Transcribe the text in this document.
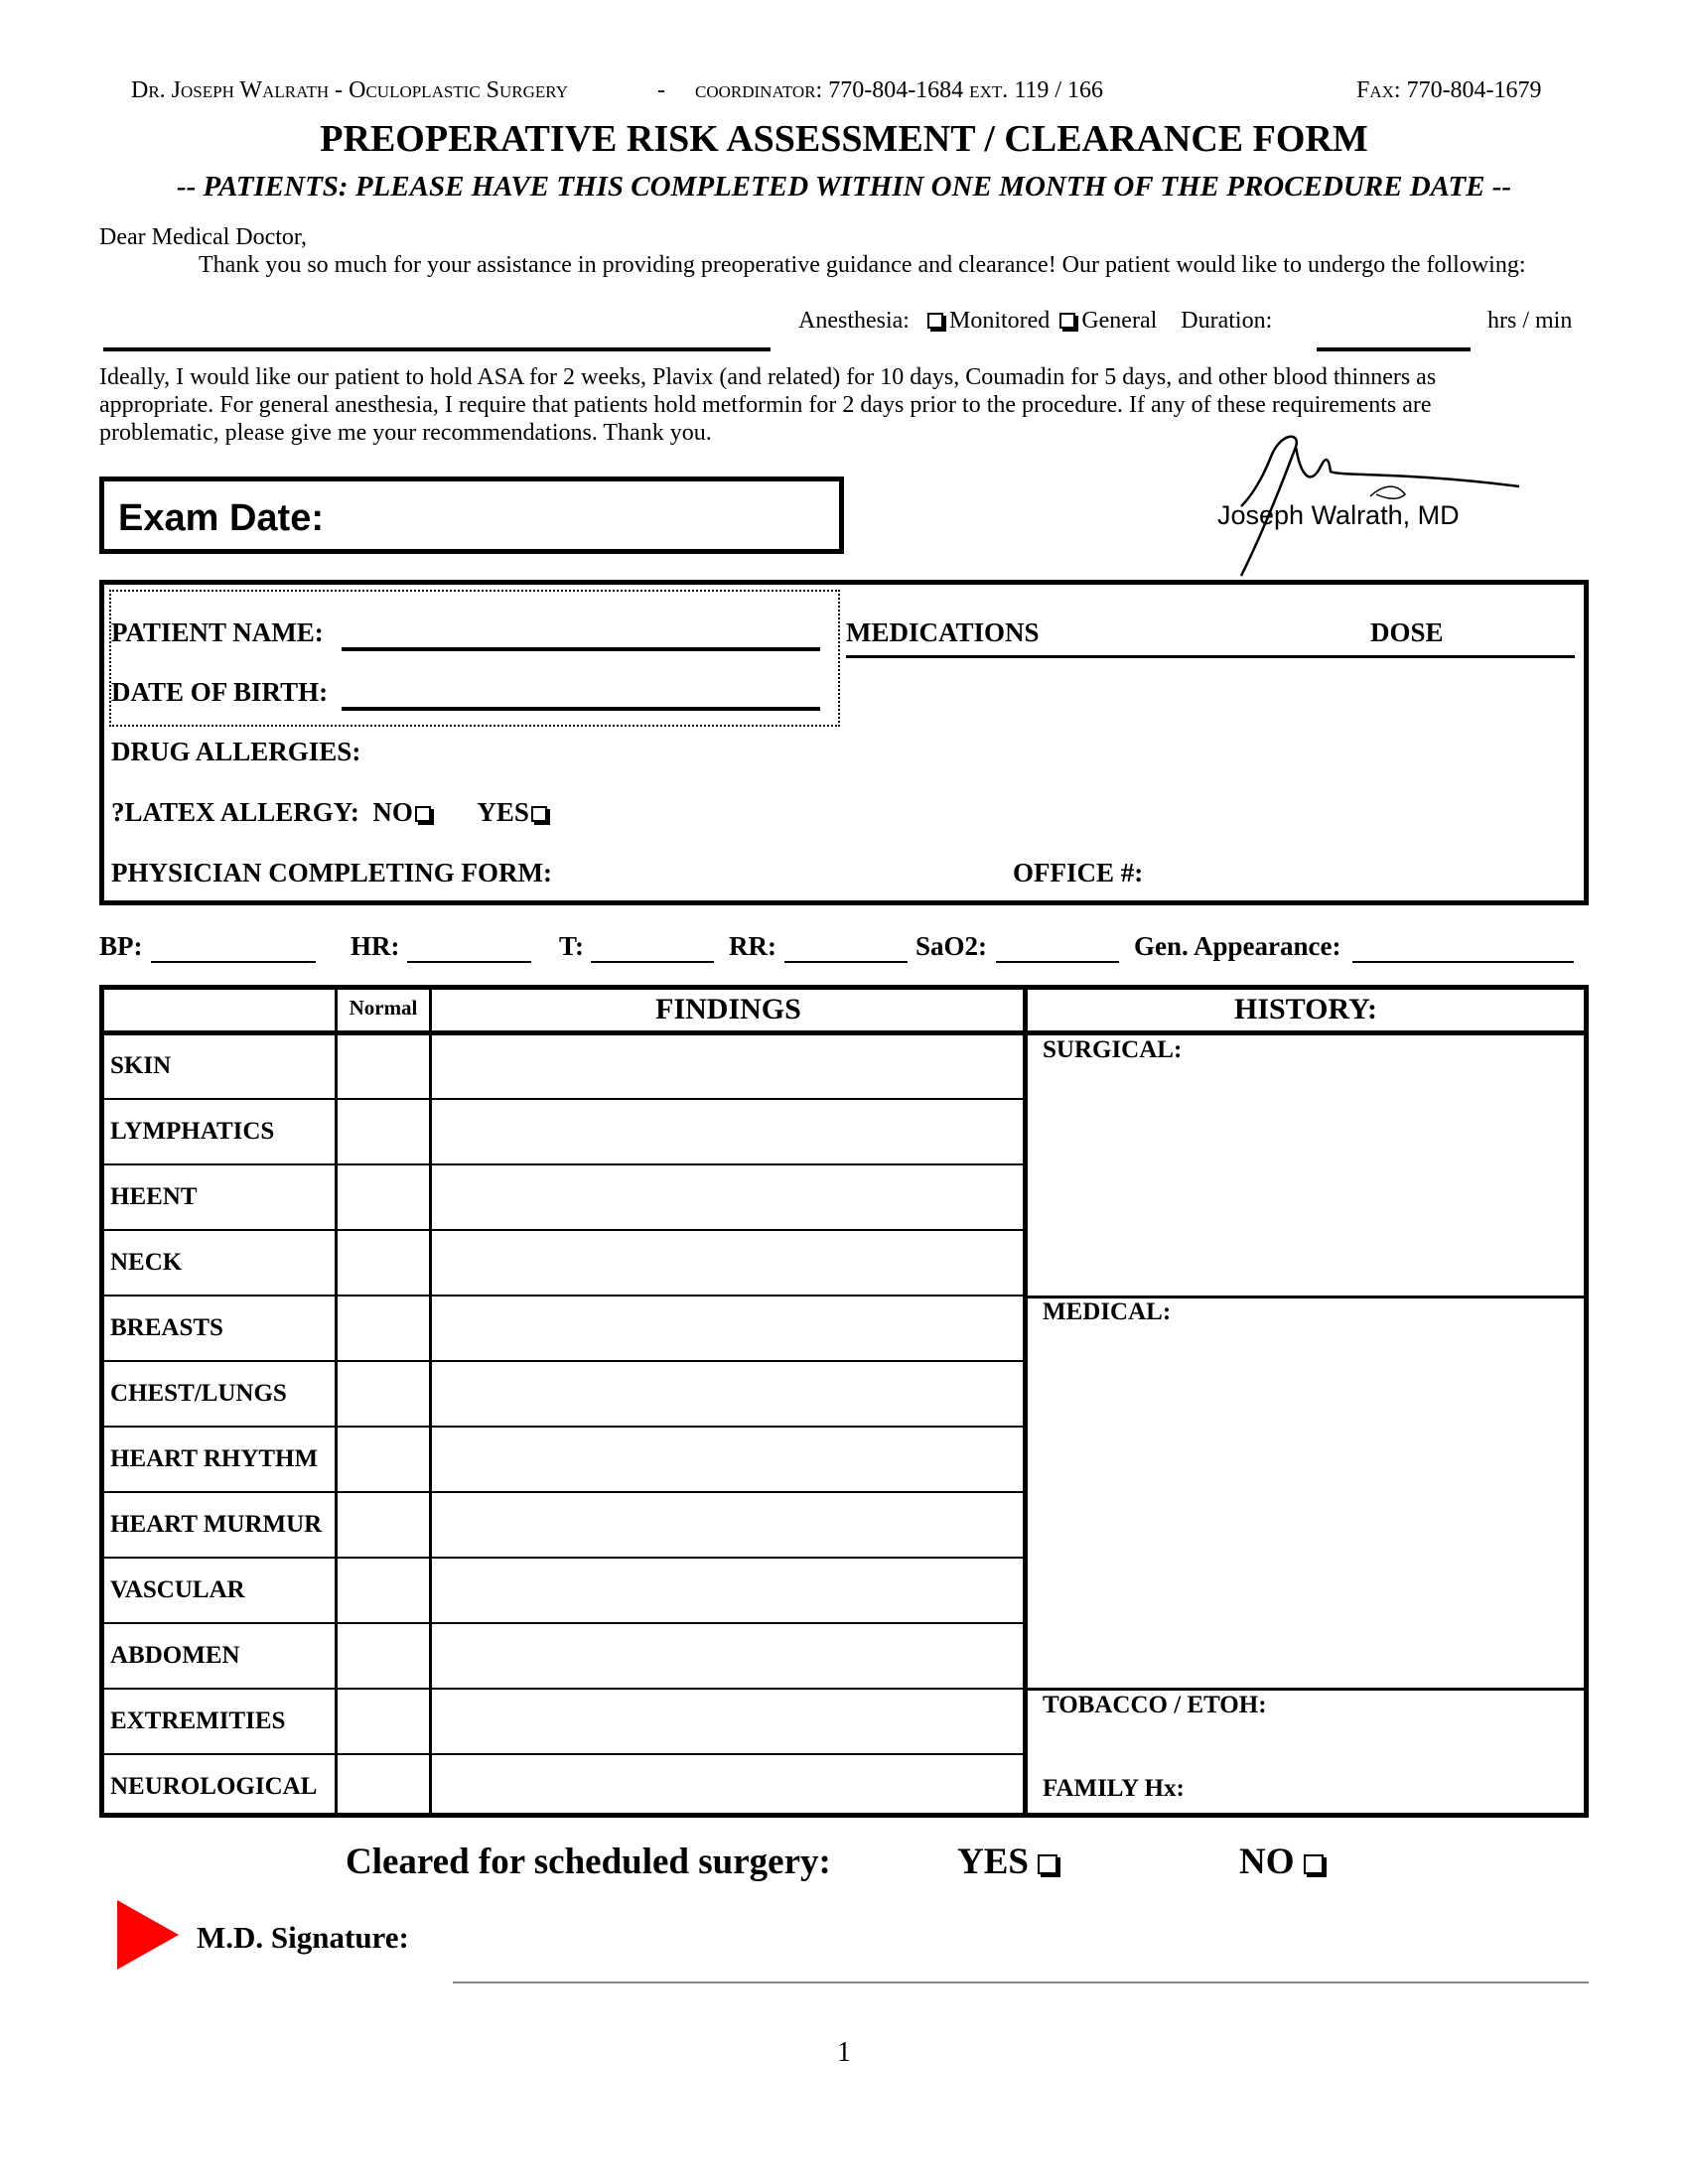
Dr. Joseph Walrath - Oculoplastic Surgery	- coordinator: 770-804-1684 ext. 119 / 166	Fax: 770-804-1679
PREOPERATIVE RISK ASSESSMENT / CLEARANCE FORM
-- PATIENTS: PLEASE HAVE THIS COMPLETED WITHIN ONE MONTH OF THE PROCEDURE DATE --
Dear Medical Doctor,
Thank you so much for your assistance in providing preoperative guidance and clearance! Our patient would like to undergo the following:
Anesthesia: Monitored General Duration:	hrs / min
Ideally, I would like our patient to hold ASA for 2 weeks, Plavix (and related) for 10 days, Coumadin for 5 days, and other blood thinners as appropriate. For general anesthesia, I require that patients hold metformin for 2 days prior to the procedure. If any of these requirements are problematic, please give me your recommendations. Thank you.
Exam Date:	Joseph Walrath, MD
PATIENT NAME:
DATE OF BIRTH:
MEDICATIONS	DOSE
DRUG ALLERGIES:
?LATEX ALLERGY: NO YES
PHYSICIAN COMPLETING FORM:	OFFICE #:
BP:	HR:	T:	RR:	SaO2:	Gen. Appearance:
Normal	FINDINGS
SKIN
LYMPHATICS
HEENT
NECK
BREASTS
CHEST/LUNGS
HEART RHYTHM
HEART MURMUR
VASCULAR
ABDOMEN
EXTREMITIES
NEUROLOGICAL
HISTORY:
SURGICAL:
MEDICAL:
TOBACCO / ETOH:
FAMILY Hx:
Cleared for scheduled surgery:	YES	NO
M.D. Signature:
1
